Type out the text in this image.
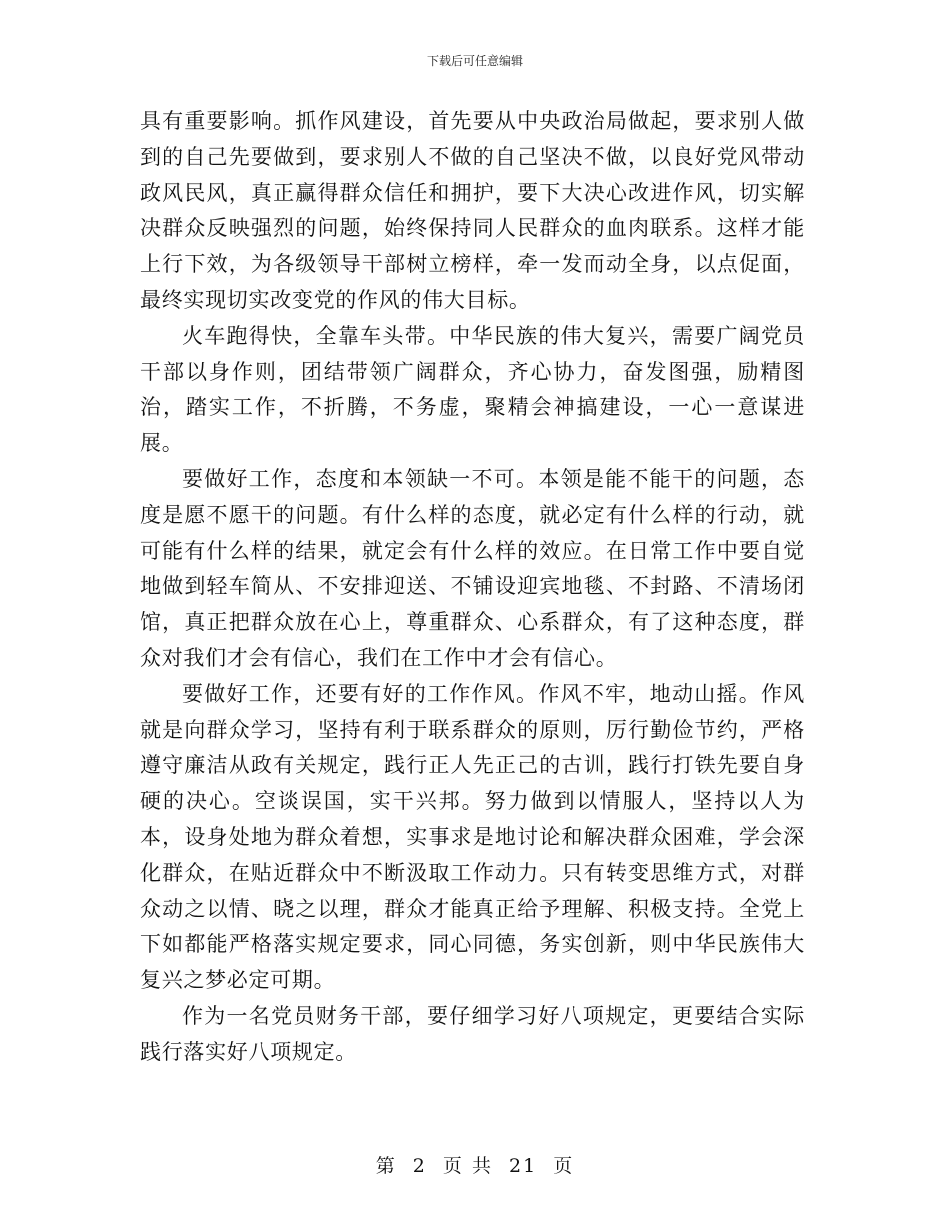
下载后可任意编辑

具有重要影响。抓作风建设，首先要从中央政治局做起，要求别人做到的自己先要做到，要求别人不做的自己坚决不做，以良好党风带动政风民风，真正赢得群众信任和拥护，要下大决心改进作风，切实解决群众反映强烈的问题，始终保持同人民群众的血肉联系。这样才能上行下效，为各级领导干部树立榜样，牵一发而动全身，以点促面，最终实现切实改变党的作风的伟大目标。

火车跑得快，全靠车头带。中华民族的伟大复兴，需要广阔党员干部以身作则，团结带领广阔群众，齐心协力，奋发图强，励精图治，踏实工作，不折腾，不务虚，聚精会神搞建设，一心一意谋进展。

要做好工作，态度和本领缺一不可。本领是能不能干的问题，态度是愿不愿干的问题。有什么样的态度，就必定有什么样的行动，就可能有什么样的结果，就定会有什么样的效应。在日常工作中要自觉地做到轻车简从、不安排迎送、不铺设迎宾地毯、不封路、不清场闭馆，真正把群众放在心上，尊重群众、心系群众，有了这种态度，群众对我们才会有信心，我们在工作中才会有信心。

要做好工作，还要有好的工作作风。作风不牢，地动山摇。作风就是向群众学习，坚持有利于联系群众的原则，厉行勤俭节约，严格遵守廉洁从政有关规定，践行正人先正己的古训，践行打铁先要自身硬的决心。空谈误国，实干兴邦。努力做到以情服人，坚持以人为本，设身处地为群众着想，实事求是地讨论和解决群众困难，学会深化群众，在贴近群众中不断汲取工作动力。只有转变思维方式，对群众动之以情、晓之以理，群众才能真正给予理解、积极支持。全党上下如都能严格落实规定要求，同心同德，务实创新，则中华民族伟大复兴之梦必定可期。

作为一名党员财务干部，要仔细学习好八项规定，更要结合实际践行落实好八项规定。

第 2 页 共 21 页
